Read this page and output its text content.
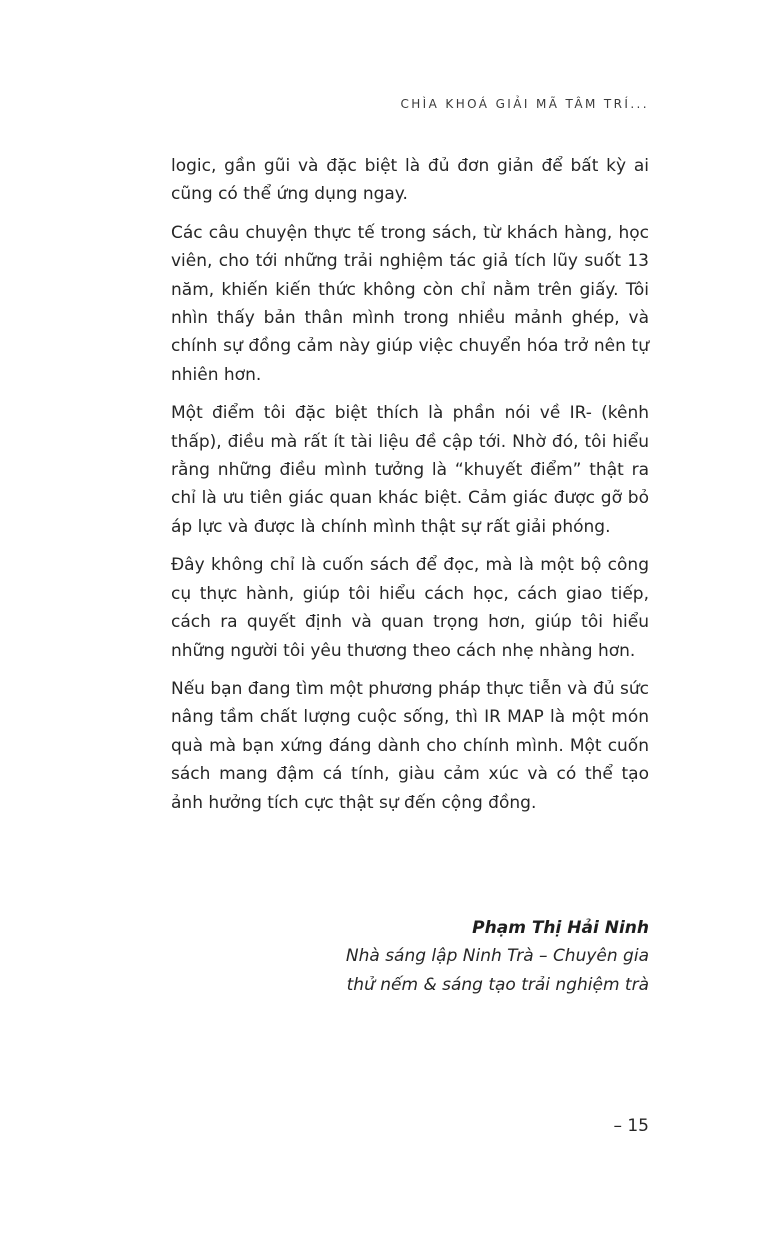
CHÌA KHOÁ GIẢI MÃ TÂM TRÍ...

logic, gần gũi và đặc biệt là đủ đơn giản để bất kỳ ai cũng có thể ứng dụng ngay.

Các câu chuyện thực tế trong sách, từ khách hàng, học viên, cho tới những trải nghiệm tác giả tích lũy suốt 13 năm, khiến kiến thức không còn chỉ nằm trên giấy. Tôi nhìn thấy bản thân mình trong nhiều mảnh ghép, và chính sự đồng cảm này giúp việc chuyển hóa trở nên tự nhiên hơn.

Một điểm tôi đặc biệt thích là phần nói về IR- (kênh thấp), điều mà rất ít tài liệu đề cập tới. Nhờ đó, tôi hiểu rằng những điều mình tưởng là “khuyết điểm” thật ra chỉ là ưu tiên giác quan khác biệt. Cảm giác được gỡ bỏ áp lực và được là chính mình thật sự rất giải phóng.

Đây không chỉ là cuốn sách để đọc, mà là một bộ công cụ thực hành, giúp tôi hiểu cách học, cách giao tiếp, cách ra quyết định và quan trọng hơn, giúp tôi hiểu những người tôi yêu thương theo cách nhẹ nhàng hơn.

Nếu bạn đang tìm một phương pháp thực tiễn và đủ sức nâng tầm chất lượng cuộc sống, thì IR MAP là một món quà mà bạn xứng đáng dành cho chính mình. Một cuốn sách mang đậm cá tính, giàu cảm xúc và có thể tạo ảnh hưởng tích cực thật sự đến cộng đồng.

Phạm Thị Hải Ninh
Nhà sáng lập Ninh Trà – Chuyên gia
thử nếm & sáng tạo trải nghiệm trà
– 15
